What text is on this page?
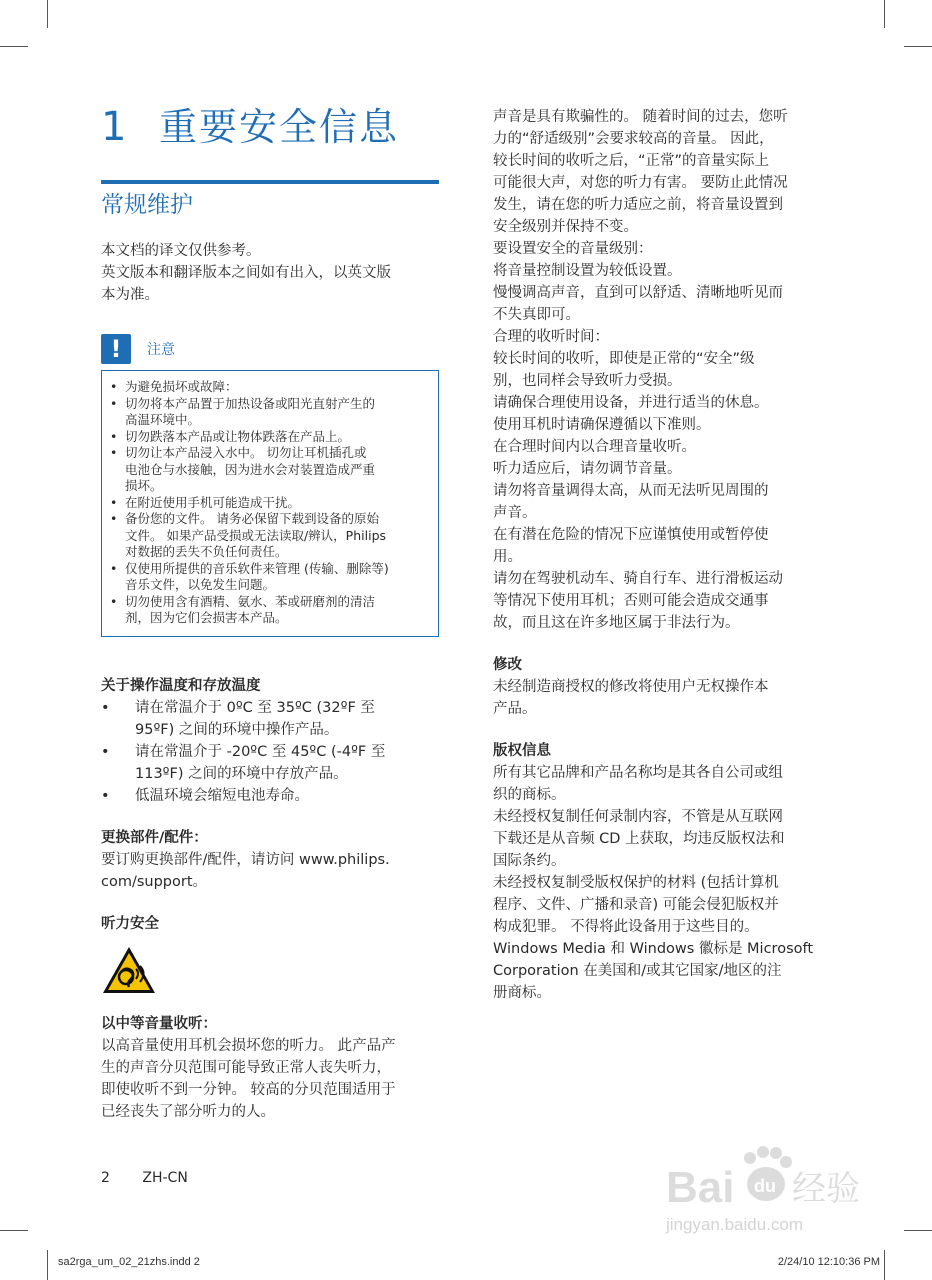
1 重要安全信息
常规维护
本文档的译文仅供参考。
英文版本和翻译版本之间如有出入，以英文版
本为准。
!	注意
• 为避免损坏或故障：
• 切勿将本产品置于加热设备或阳光直射产生的
高温环境中。
• 切勿跌落本产品或让物体跌落在产品上。
• 切勿让本产品浸入水中。 切勿让耳机插孔或
电池仓与水接触，因为进水会对装置造成严重
损坏。
• 在附近使用手机可能造成干扰。
• 备份您的文件。 请务必保留下载到设备的原始
文件。 如果产品受损或无法读取/辨认，Philips
对数据的丢失不负任何责任。
• 仅使用所提供的音乐软件来管理 (传输、删除等)
音乐文件，以免发生问题。
• 切勿使用含有酒精、氨水、苯或研磨剂的清洁
剂，因为它们会损害本产品。
关于操作温度和存放温度
•	请在常温介于 0ºC 至 35ºC (32ºF 至
95ºF) 之间的环境中操作产品。
•	请在常温介于 -20ºC 至 45ºC (-4ºF 至
113ºF) 之间的环境中存放产品。
•	低温环境会缩短电池寿命。
更换部件/配件：
要订购更换部件/配件，请访问 www.philips.
com/support。
听力安全
以中等音量收听：
以高音量使用耳机会损坏您的听力。 此产品产
生的声音分贝范围可能导致正常人丧失听力，
即使收听不到一分钟。 较高的分贝范围适用于
已经丧失了部分听力的人。
声音是具有欺骗性的。 随着时间的过去，您听
力的“舒适级别”会要求较高的音量。 因此，
较长时间的收听之后，“正常”的音量实际上
可能很大声，对您的听力有害。 要防止此情况
发生，请在您的听力适应之前，将音量设置到
安全级别并保持不变。
要设置安全的音量级别：
将音量控制设置为较低设置。
慢慢调高声音，直到可以舒适、清晰地听见而
不失真即可。
合理的收听时间：
较长时间的收听，即使是正常的“安全”级
别，也同样会导致听力受损。
请确保合理使用设备，并进行适当的休息。
使用耳机时请确保遵循以下准则。
在合理时间内以合理音量收听。
听力适应后，请勿调节音量。
请勿将音量调得太高，从而无法听见周围的
声音。
在有潜在危险的情况下应谨慎使用或暂停使
用。
请勿在驾驶机动车、骑自行车、进行滑板运动
等情况下使用耳机；否则可能会造成交通事
故，而且这在许多地区属于非法行为。
修改
未经制造商授权的修改将使用户无权操作本
产品。
版权信息
所有其它品牌和产品名称均是其各自公司或组
织的商标。
未经授权复制任何录制内容，不管是从互联网
下载还是从音频 CD 上获取，均违反版权法和
国际条约。
未经授权复制受版权保护的材料 (包括计算机
程序、文件、广播和录音) 可能会侵犯版权并
构成犯罪。 不得将此设备用于这些目的。
Windows Media 和 Windows 徽标是 Microsoft
Corporation 在美国和/或其它国家/地区的注
册商标。
2 ZH-CN
sa2rga_um_02_21zhs.indd 2	2/24/10 12:10:36 PM
Bai du 经验
jingyan.baidu.com
